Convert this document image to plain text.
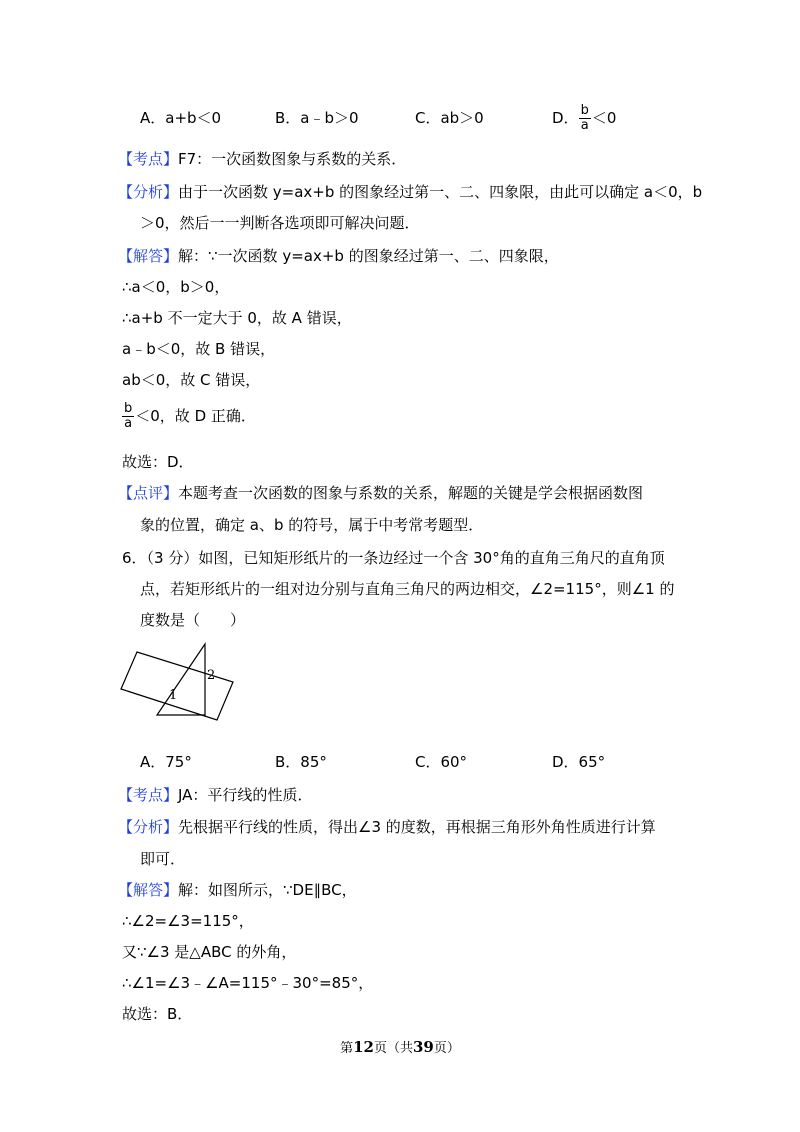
A．a+b＜0	B．a﹣b＞0	C．ab＞0	D． $\frac{b}{a} <0$
【考点】F7：一次函数图象与系数的关系．
【分析】由于一次函数 y=ax+b 的图象经过第一、二、四象限，由此可以确定 a＜0，b
＞0，然后一一判断各选项即可解决问题．
【解答】解：∵一次函数 y=ax+b 的图象经过第一、二、四象限，
∴a＜0，b＞0，
∴a+b 不一定大于 0，故 A 错误，
a﹣b＜0，故 B 错误，
ab＜0，故 C 错误，
$\frac{b}{a} <0$，故 D 正确．
故选：D．
【点评】本题考查一次函数的图象与系数的关系，解题的关键是学会根据函数图
象的位置，确定 a、b 的符号，属于中考常考题型．
6．（3 分）如图，已知矩形纸片的一条边经过一个含 30°角的直角三角尺的直角顶
点，若矩形纸片的一组对边分别与直角三角尺的两边相交，∠2=115°，则∠1 的
度数是（　　）
2
1
A．75°	B．85°	C．60°	D．65°
【考点】JA：平行线的性质．
【分析】先根据平行线的性质，得出∠3 的度数，再根据三角形外角性质进行计算
即可．
【解答】解：如图所示，∵DE∥BC，
∴∠2=∠3=115°，
又∵∠3 是△ABC 的外角，
∴∠1=∠3﹣∠A=115°﹣30°=85°，
故选：B．
第12页（共39页）
